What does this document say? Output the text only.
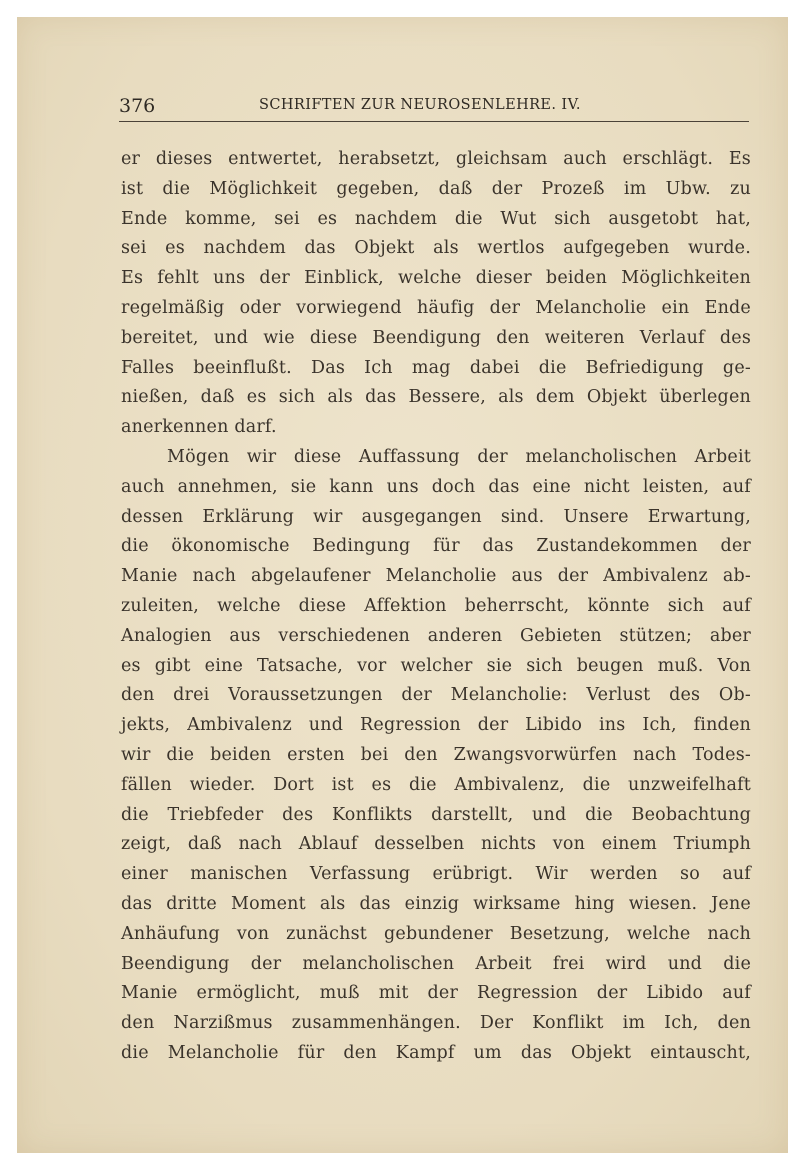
376	SCHRIFTEN ZUR NEUROSENLEHRE. IV.
er dieses entwertet, herabsetzt, gleichsam auch erschlägt. Es
ist die Möglichkeit gegeben, daß der Prozeß im Ubw. zu
Ende komme, sei es nachdem die Wut sich ausgetobt hat,
sei es nachdem das Objekt als wertlos aufgegeben wurde.
Es fehlt uns der Einblick, welche dieser beiden Möglichkeiten
regelmäßig oder vorwiegend häufig der Melancholie ein Ende
bereitet, und wie diese Beendigung den weiteren Verlauf des
Falles beeinflußt. Das Ich mag dabei die Befriedigung ge-
nießen, daß es sich als das Bessere, als dem Objekt überlegen
anerkennen darf.
Mögen wir diese Auffassung der melancholischen Arbeit
auch annehmen, sie kann uns doch das eine nicht leisten, auf
dessen Erklärung wir ausgegangen sind. Unsere Erwartung,
die ökonomische Bedingung für das Zustandekommen der
Manie nach abgelaufener Melancholie aus der Ambivalenz ab-
zuleiten, welche diese Affektion beherrscht, könnte sich auf
Analogien aus verschiedenen anderen Gebieten stützen; aber
es gibt eine Tatsache, vor welcher sie sich beugen muß. Von
den drei Voraussetzungen der Melancholie: Verlust des Ob-
jekts, Ambivalenz und Regression der Libido ins Ich, finden
wir die beiden ersten bei den Zwangsvorwürfen nach Todes-
fällen wieder. Dort ist es die Ambivalenz, die unzweifelhaft
die Triebfeder des Konflikts darstellt, und die Beobachtung
zeigt, daß nach Ablauf desselben nichts von einem Triumph
einer manischen Verfassung erübrigt. Wir werden so auf
das dritte Moment als das einzig wirksame hing wiesen. Jene
Anhäufung von zunächst gebundener Besetzung, welche nach
Beendigung der melancholischen Arbeit frei wird und die
Manie ermöglicht, muß mit der Regression der Libido auf
den Narzißmus zusammenhängen. Der Konflikt im Ich, den
die Melancholie für den Kampf um das Objekt eintauscht,
